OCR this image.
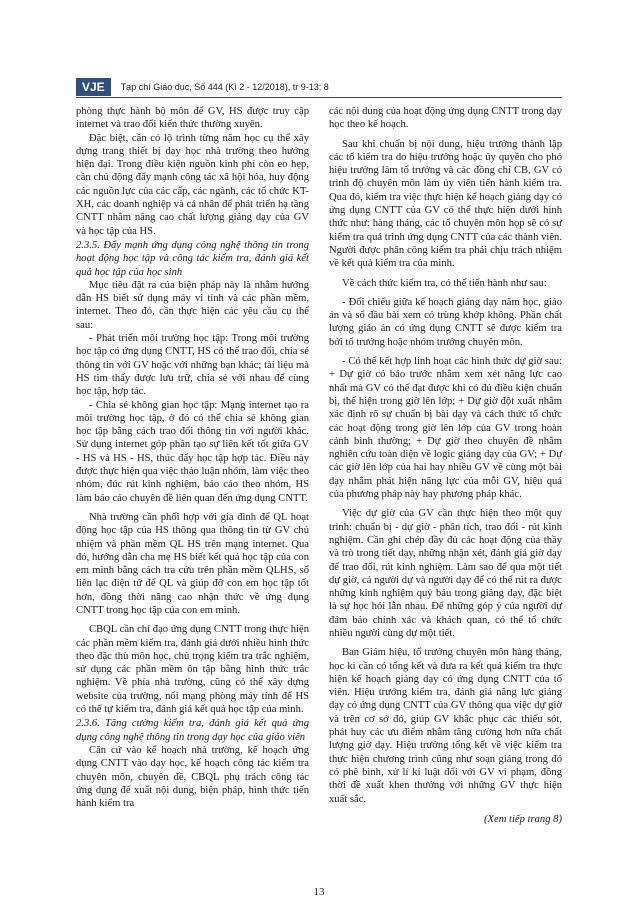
VJE	Tạp chí Giáo dục, Số 444 (Kì 2 - 12/2018), tr 9-13; 8

phòng thực hành bộ môn để GV, HS được truy cập internet và trao đổi kiến thức thường xuyên.

Đặc biệt, cần có lộ trình từng năm học cụ thể xây dựng trang thiết bị dạy học nhà trường theo hướng hiện đại. Trong điều kiện nguồn kinh phí còn eo hẹp, cần chủ động đẩy mạnh công tác xã hội hóa, huy động các nguồn lực của các cấp, các ngành, các tổ chức KT-XH, các doanh nghiệp và cá nhân để phát triển hạ tầng CNTT nhằm nâng cao chất lượng giảng dạy của GV và học tập của HS.

2.3.5. Đẩy mạnh ứng dụng công nghệ thông tin trong hoạt động học tập và công tác kiểm tra, đánh giá kết quả học tập của học sinh

Mục tiêu đặt ra của biện pháp này là nhằm hướng dẫn HS biết sử dụng máy vi tính và các phần mềm, internet. Theo đó, cần thực hiện các yêu cầu cụ thể sau:

- Phát triển môi trường học tập: Trong môi trường học tập có ứng dụng CNTT, HS có thể trao đổi, chia sẻ thông tin với GV hoặc với những bạn khác; tài liệu mà HS tìm thấy được lưu trữ, chia sẻ với nhau để cùng học tập, hợp tác.

- Chia sẻ không gian học tập: Mạng internet tạo ra môi trường học tập, ở đó có thể chia sẻ không gian học tập bằng cách trao đổi thông tin với người khác. Sử dụng internet góp phần tạo sự liên kết tốt giữa GV - HS và HS - HS, thúc đẩy học tập hợp tác. Điều này được thực hiện qua việc thảo luận nhóm, làm việc theo nhóm, đúc rút kinh nghiệm, báo cáo theo nhóm, HS làm báo cáo chuyên đề liên quan đến ứng dụng CNTT.

Nhà trường cần phối hợp với gia đình để QL hoạt động học tập của HS thông qua thông tin từ GV chủ nhiệm và phần mềm QL HS trên mạng internet. Qua đó, hướng dẫn cha mẹ HS biết kết quả học tập của con em mình bằng cách tra cứu trên phần mềm QLHS, sổ liên lạc điện tử để QL và giúp đỡ con em học tập tốt hơn, đồng thời nâng cao nhận thức về ứng dụng CNTT trong học tập của con em mình.

CBQL cần chỉ đạo ứng dụng CNTT trong thực hiện các phần mềm kiểm tra, đánh giá dưới nhiều hình thức theo đặc thù môn học, chủ trọng kiểm tra trắc nghiệm, sử dụng các phần mềm ôn tập bằng hình thức trắc nghiệm. Về phía nhà trường, cũng có thể xây dựng website của trường, nối mạng phòng máy tính để HS có thể tự kiểm tra, đánh giá kết quả học tập của mình.

2.3.6. Tăng cường kiểm tra, đánh giá kết quả ứng dụng công nghệ thông tin trong dạy học của giáo viên

Căn cứ vào kế hoạch nhà trường, kế hoạch ứng dụng CNTT vào dạy học, kế hoạch công tác kiểm tra chuyên môn, chuyên đề, CBQL phụ trách công tác ứng dụng để xuất nội dung, biện pháp, hình thức tiến hành kiểm tra

các nội dung của hoạt động ứng dụng CNTT trong dạy học theo kế hoạch.

Sau khi chuẩn bị nội dung, hiệu trưởng thành lập các tổ kiểm tra do hiệu trưởng hoặc ủy quyền cho phó hiệu trưởng làm tổ trưởng và các đồng chí CB, GV có trình độ chuyên môn làm ủy viên tiến hành kiểm tra. Qua đó, kiểm tra việc thực hiện kế hoạch giảng dạy có ứng dụng CNTT của GV có thể thực hiện dưới hình thức như: hàng tháng, các tổ chuyên môn họp sẽ có sự kiểm tra quá trình ứng dụng CNTT của các thành viên. Người được phân công kiểm tra phải chịu trách nhiệm về kết quả kiểm tra của mình.

Về cách thức kiểm tra, có thể tiến hành như sau:

- Đối chiếu giữa kế hoạch giảng dạy năm học, giáo án và sổ đầu bài xem có trùng khớp không. Phần chất lượng giáo án có ứng dụng CNTT sẽ được kiểm tra bởi tổ trưởng hoặc nhóm trưởng chuyên môn.

- Có thể kết hợp linh hoạt các hình thức dự giờ sau: + Dự giờ có báo trước nhằm xem xét năng lực cao nhất mà GV có thể đạt được khi có đủ điều kiện chuẩn bị, thể hiện trong giờ lên lớp; + Dự giờ đột xuất nhằm xác định rõ sự chuẩn bị bài dạy và cách thức tổ chức các hoạt động trong giờ lên lớp của GV trong hoàn cảnh bình thường; + Dự giờ theo chuyên đề nhằm nghiên cứu toàn diện về logic giảng dạy của GV; + Dự các giờ lên lớp của hai hay nhiều GV về cùng một bài dạy nhằm phát hiện năng lực của mỗi GV, hiệu quả của phương pháp này hay phương pháp khác.

Việc dự giờ của GV cần thực hiện theo một quy trình: chuẩn bị - dự giờ - phân tích, trao đổi - rút kinh nghiệm. Cần ghi chép đầy đủ các hoạt động của thầy và trò trong tiết dạy, những nhận xét, đánh giá giờ dạy để trao đổi, rút kinh nghiệm. Làm sao để qua một tiết dự giờ, cả người dự và người dạy để có thể rút ra được những kinh nghiệm quý báu trong giảng dạy, đặc biệt là sự học hỏi lẫn nhau. Để những góp ý của người dự đảm bảo chính xác và khách quan, có thể tổ chức nhiều người cùng dự một tiết.

Ban Giám hiệu, tổ trưởng chuyên môn hàng tháng, học kì cần có tổng kết và đưa ra kết quả kiểm tra thực hiện kế hoạch giảng dạy có ứng dụng CNTT của tổ viên. Hiệu trưởng kiểm tra, đánh giá năng lực giảng dạy có ứng dụng CNTT của GV thông qua việc dự giờ và trên cơ sở đó, giúp GV khắc phục các thiếu sót, phát huy các ưu điểm nhằm tăng cường hơn nữa chất lượng giờ dạy. Hiệu trưởng tổng kết về việc kiểm tra thực hiện chương trình cũng như soạn giảng trong đó có phê bình, xử lí kỉ luật đối với GV vi phạm, đồng thời đề xuất khen thưởng với những GV thực hiện xuất sắc.

(Xem tiếp trang 8)

13
